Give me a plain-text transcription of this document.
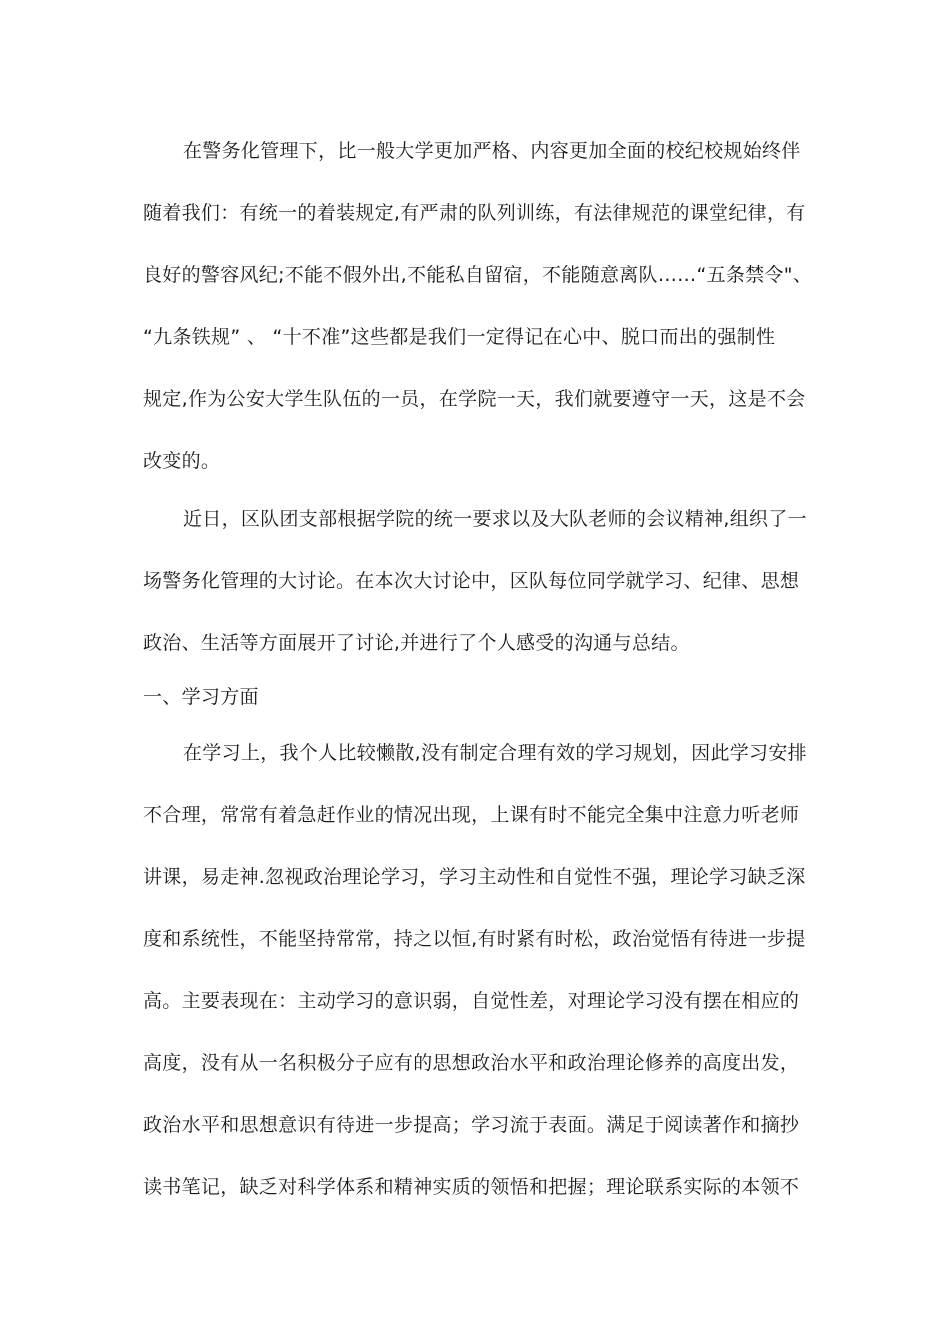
在警务化管理下，比一般大学更加严格、内容更加全面的校纪校规始终伴
随着我们：有统一的着装规定,有严肃的队列训练，有法律规范的课堂纪律，有
良好的警容风纪;不能不假外出,不能私自留宿，不能随意离队……“五条禁令"、
“九条铁规” 、 “十不准”这些都是我们一定得记在心中、脱口而出的强制性
规定,作为公安大学生队伍的一员，在学院一天，我们就要遵守一天，这是不会
改变的。
近日，区队团支部根据学院的统一要求以及大队老师的会议精神,组织了一
场警务化管理的大讨论。在本次大讨论中，区队每位同学就学习、纪律、思想
政治、生活等方面展开了讨论,并进行了个人感受的沟通与总结。
一、学习方面
在学习上，我个人比较懒散,没有制定合理有效的学习规划，因此学习安排
不合理，常常有着急赶作业的情况出现，上课有时不能完全集中注意力听老师
讲课，易走神.忽视政治理论学习，学习主动性和自觉性不强，理论学习缺乏深
度和系统性，不能坚持常常，持之以恒,有时紧有时松，政治觉悟有待进一步提
高。主要表现在：主动学习的意识弱，自觉性差，对理论学习没有摆在相应的
高度，没有从一名积极分子应有的思想政治水平和政治理论修养的高度出发，
政治水平和思想意识有待进一步提高；学习流于表面。满足于阅读著作和摘抄
读书笔记，缺乏对科学体系和精神实质的领悟和把握；理论联系实际的本领不
